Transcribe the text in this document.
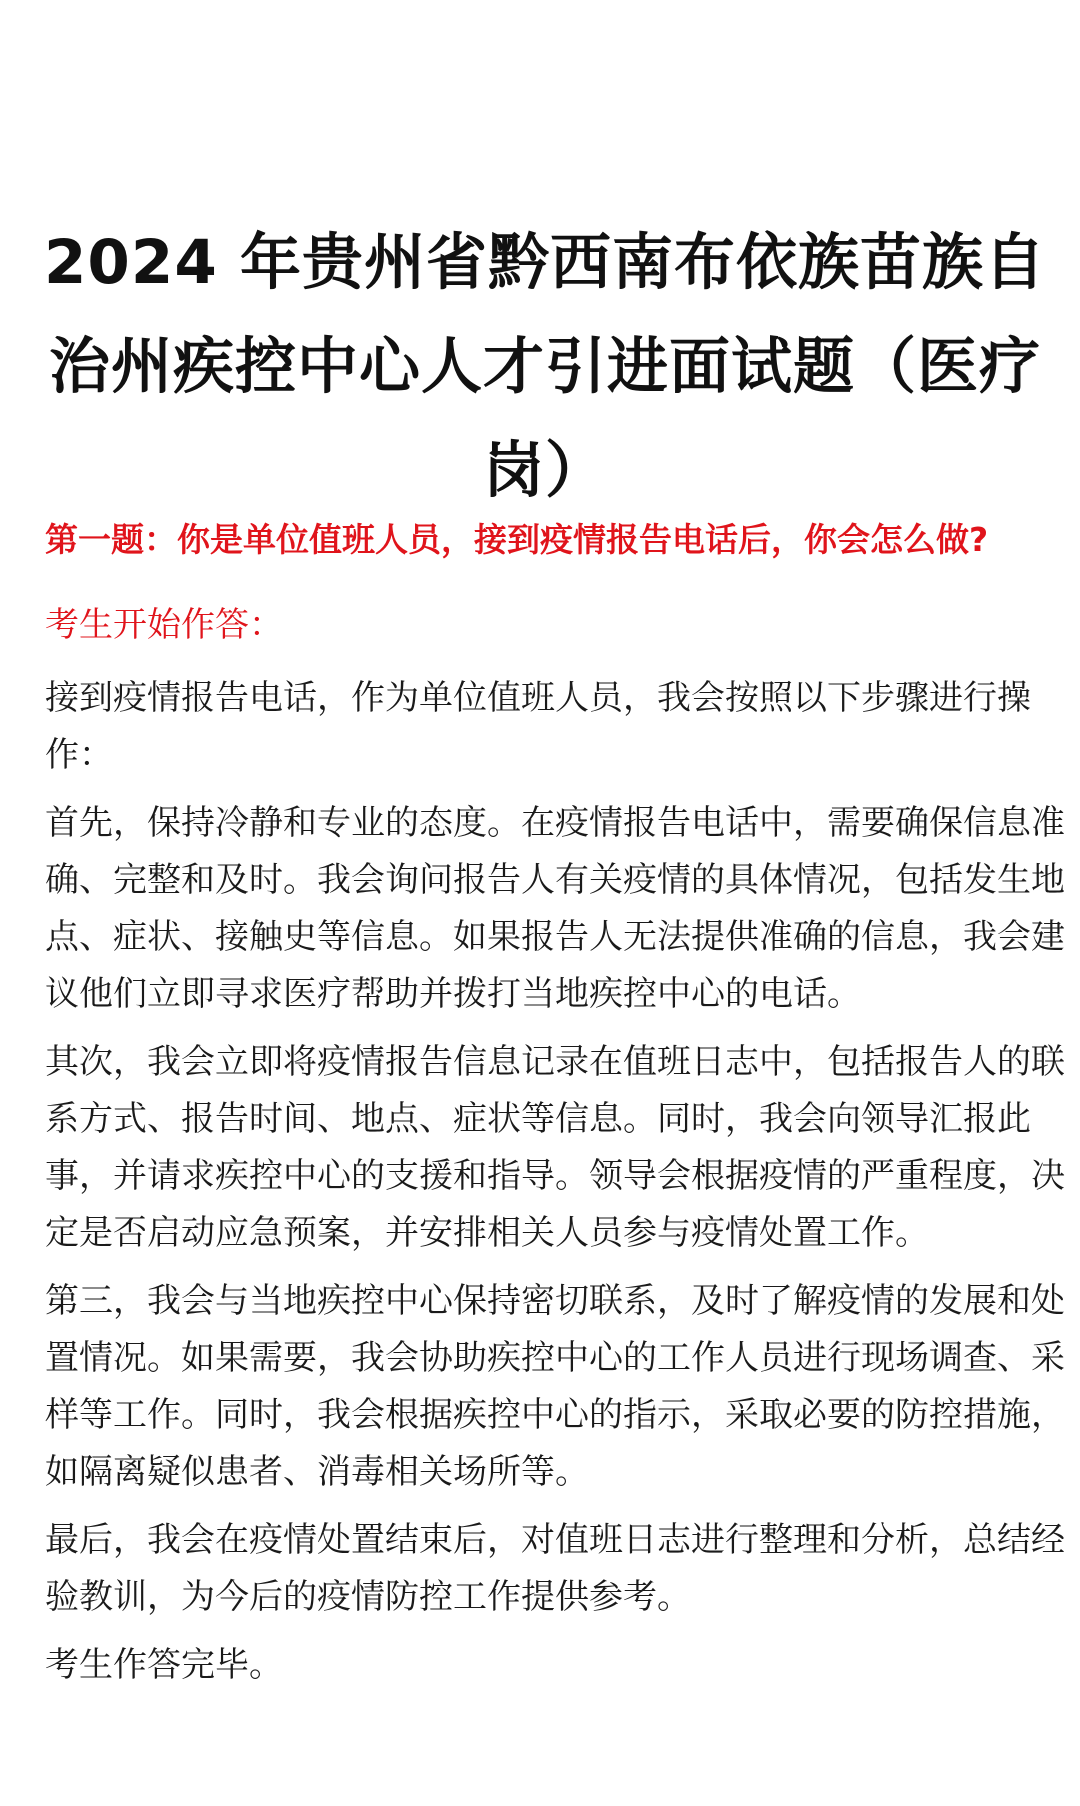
2024 年贵州省黔西南布依族苗族自治州疾控中心人才引进面试题（医疗岗）

第一题：你是单位值班人员，接到疫情报告电话后，你会怎么做?

考生开始作答：

接到疫情报告电话，作为单位值班人员，我会按照以下步骤进行操作：

首先，保持冷静和专业的态度。在疫情报告电话中，需要确保信息准确、完整和及时。我会询问报告人有关疫情的具体情况，包括发生地点、症状、接触史等信息。如果报告人无法提供准确的信息，我会建议他们立即寻求医疗帮助并拨打当地疾控中心的电话。

其次，我会立即将疫情报告信息记录在值班日志中，包括报告人的联系方式、报告时间、地点、症状等信息。同时，我会向领导汇报此事，并请求疾控中心的支援和指导。领导会根据疫情的严重程度，决定是否启动应急预案，并安排相关人员参与疫情处置工作。

第三，我会与当地疾控中心保持密切联系，及时了解疫情的发展和处置情况。如果需要，我会协助疾控中心的工作人员进行现场调查、采样等工作。同时，我会根据疾控中心的指示，采取必要的防控措施，如隔离疑似患者、消毒相关场所等。

最后，我会在疫情处置结束后，对值班日志进行整理和分析，总结经验教训，为今后的疫情防控工作提供参考。

考生作答完毕。
